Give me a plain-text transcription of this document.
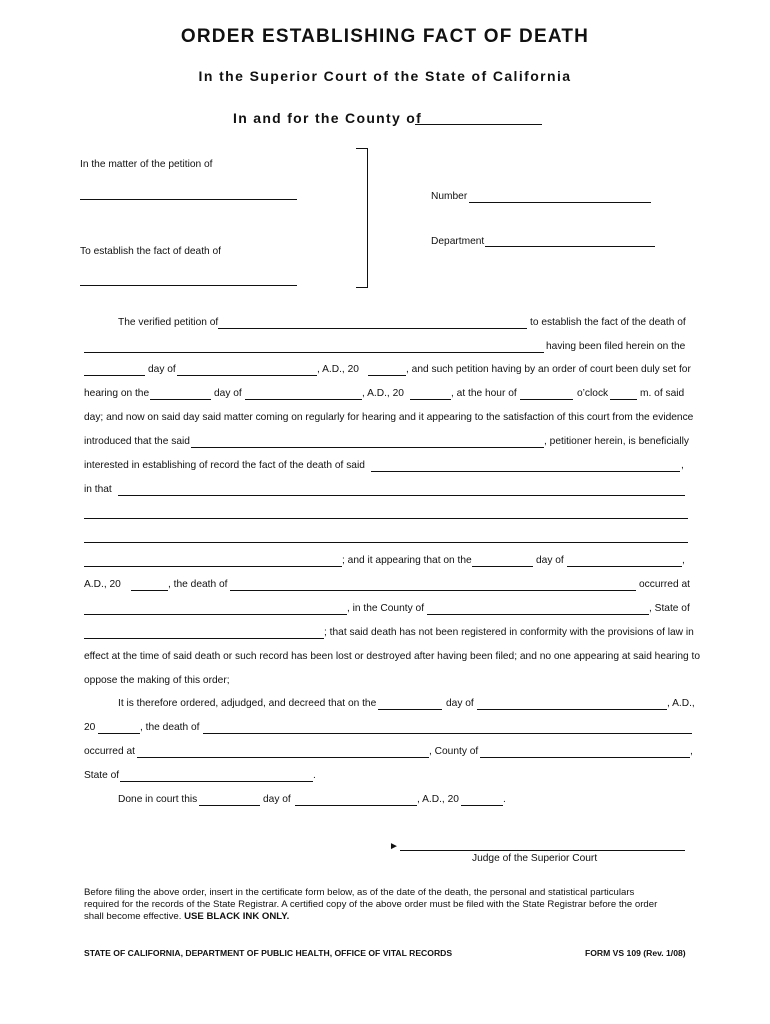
ORDER ESTABLISHING FACT OF DEATH
In the Superior Court of the State of California
In and for the County of
In the matter of the petition of
To establish the fact of death of
Number
Department
The verified petition of	to establish the fact of the death of
having been filed herein on the
day of	, A.D., 20	, and such petition having by an order of court been duly set for
hearing on the	day of	, A.D., 20	, at the hour of	o’clock	m. of said
day; and now on said day said matter coming on regularly for hearing and it appearing to the satisfaction of this court from the evidence
introduced that the said	, petitioner herein, is beneficially
interested in establishing of record the fact of the death of said	,
in that
; and it appearing that on the	day of	,
A.D., 20	, the death of	occurred at
, in the County of	, State of
; that said death has not been registered in conformity with the provisions of law in
effect at the time of said death or such record has been lost or destroyed after having been filed; and no one appearing at said hearing to
oppose the making of this order;
It is therefore ordered, adjudged, and decreed that on the	day of	, A.D.,
20	, the death of
occurred at	, County of	,
State of	.
Done in court this	day of	, A.D., 20	.
►
Judge of the Superior Court
Before filing the above order, insert in the certificate form below, as of the date of the death, the personal and statistical particulars
required for the records of the State Registrar. A certified copy of the above order must be filed with the State Registrar before the order
shall become effective. USE BLACK INK ONLY.
STATE OF CALIFORNIA, DEPARTMENT OF PUBLIC HEALTH, OFFICE OF VITAL RECORDS	FORM VS 109 (Rev. 1/08)
